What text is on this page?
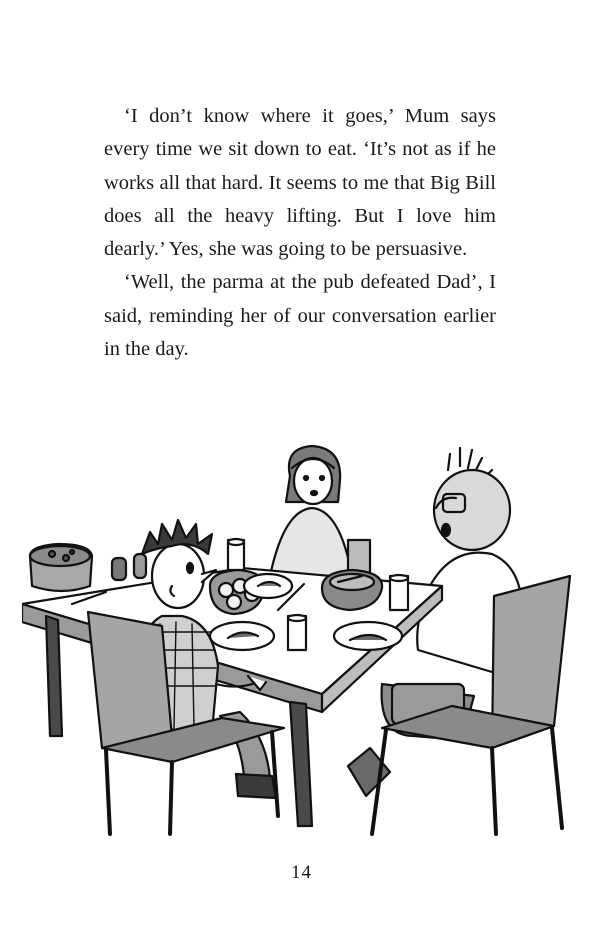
‘I don’t know where it goes,’ Mum says every time we sit down to eat. ‘It’s not as if he works all that hard. It seems to me that Big Bill does all the heavy lifting. But I love him dearly.’ Yes, she was going to be persuasive.

‘Well, the parma at the pub defeated Dad’, I said, reminding her of our conversation earlier in the day.

14
